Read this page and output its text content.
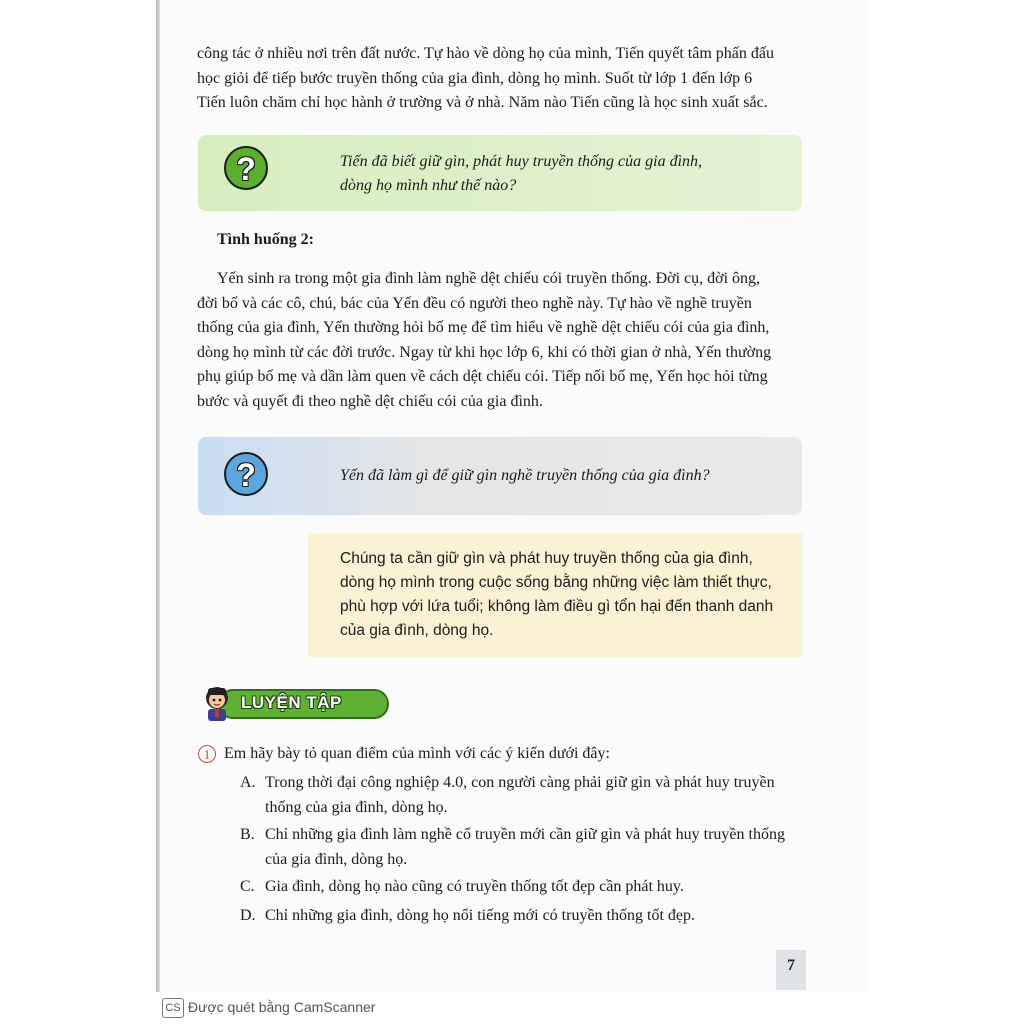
công tác ở nhiều nơi trên đất nước. Tự hào về dòng họ của mình, Tiến quyết tâm phấn đấu

học giỏi để tiếp bước truyền thống của gia đình, dòng họ mình. Suốt từ lớp 1 đến lớp 6

Tiến luôn chăm chỉ học hành ở trường và ở nhà. Năm nào Tiến cũng là học sinh xuất sắc.

?	Tiến đã biết giữ gìn, phát huy truyền thống của gia đình,
dòng họ mình như thế nào?
Tình huống 2:

Yến sinh ra trong một gia đình làm nghề dệt chiếu cói truyền thống. Đời cụ, đời ông,

đời bố và các cô, chú, bác của Yến đều có người theo nghề này. Tự hào về nghề truyền

thống của gia đình, Yến thường hỏi bố mẹ để tìm hiểu về nghề dệt chiếu cói của gia đình,

dòng họ mình từ các đời trước. Ngay từ khi học lớp 6, khi có thời gian ở nhà, Yến thường

phụ giúp bố mẹ và dần làm quen về cách dệt chiếu cói. Tiếp nối bố mẹ, Yến học hỏi từng

bước và quyết đi theo nghề dệt chiếu cói của gia đình.

?	Yến đã làm gì để giữ gìn nghề truyền thống của gia đình?
Chúng ta cần giữ gìn và phát huy truyền thống của gia đình,
dòng họ mình trong cuộc sống bằng những việc làm thiết thực,
phù hợp với lứa tuổi; không làm điều gì tổn hại đến thanh danh
của gia đình, dòng họ.
LUYỆN TẬP
1 Em hãy bày tỏ quan điểm của mình với các ý kiến dưới đây:
A. Trong thời đại công nghiệp 4.0, con người càng phải giữ gìn và phát huy truyền
thống của gia đình, dòng họ.
B. Chỉ những gia đình làm nghề cổ truyền mới cần giữ gìn và phát huy truyền thống
của gia đình, dòng họ.
C. Gia đình, dòng họ nào cũng có truyền thống tốt đẹp cần phát huy.
D. Chỉ những gia đình, dòng họ nổi tiếng mới có truyền thống tốt đẹp.
7
CS Được quét bằng CamScanner
